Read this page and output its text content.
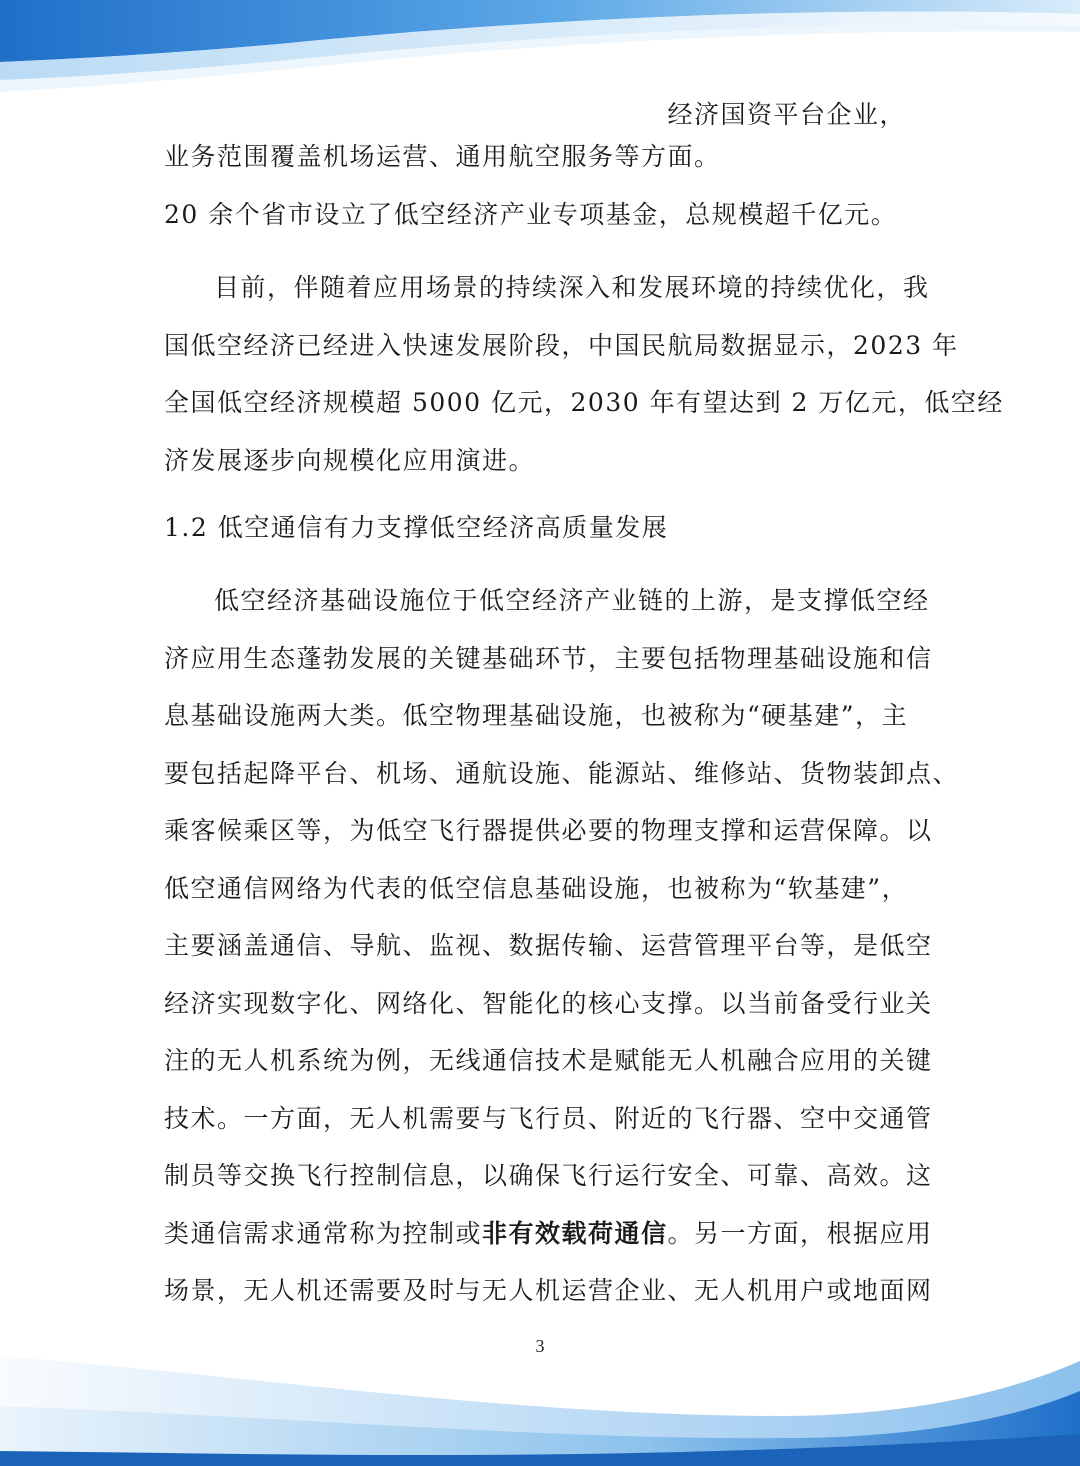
经济国资平台企业，
业务范围覆盖机场运营、通用航空服务等方面。
20 余个省市设立了低空经济产业专项基金，总规模超千亿元。
目前，伴随着应用场景的持续深入和发展环境的持续优化，我
国低空经济已经进入快速发展阶段，中国民航局数据显示，2023 年
全国低空经济规模超 5000 亿元，2030 年有望达到 2 万亿元，低空经
济发展逐步向规模化应用演进。
1.2 低空通信有力支撑低空经济高质量发展
低空经济基础设施位于低空经济产业链的上游，是支撑低空经
济应用生态蓬勃发展的关键基础环节，主要包括物理基础设施和信
息基础设施两大类。低空物理基础设施，也被称为“硬基建”，主
要包括起降平台、机场、通航设施、能源站、维修站、货物装卸点、
乘客候乘区等，为低空飞行器提供必要的物理支撑和运营保障。以
低空通信网络为代表的低空信息基础设施，也被称为“软基建”，
主要涵盖通信、导航、监视、数据传输、运营管理平台等，是低空
经济实现数字化、网络化、智能化的核心支撑。以当前备受行业关
注的无人机系统为例，无线通信技术是赋能无人机融合应用的关键
技术。一方面，无人机需要与飞行员、附近的飞行器、空中交通管
制员等交换飞行控制信息，以确保飞行运行安全、可靠、高效。这
类通信需求通常称为控制或非有效载荷通信。另一方面，根据应用
场景，无人机还需要及时与无人机运营企业、无人机用户或地面网
3
